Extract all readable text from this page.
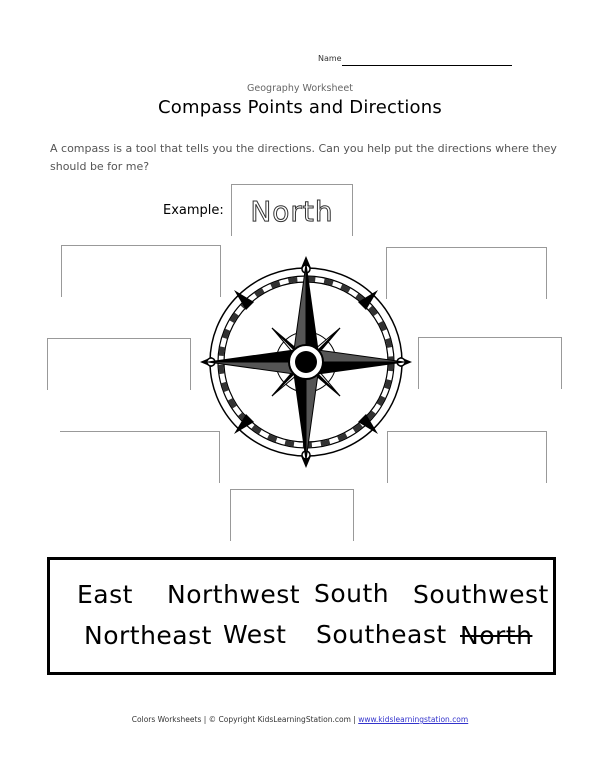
Name
Geography Worksheet
Compass Points and Directions
A compass is a tool that tells you the directions. Can you help put the directions where they should be for me?
Example: North
East Northwest South Southwest
Northeast West Southeast North
Colors Worksheets | © Copyright KidsLearningStation.com | www.kidslearningstation.com
